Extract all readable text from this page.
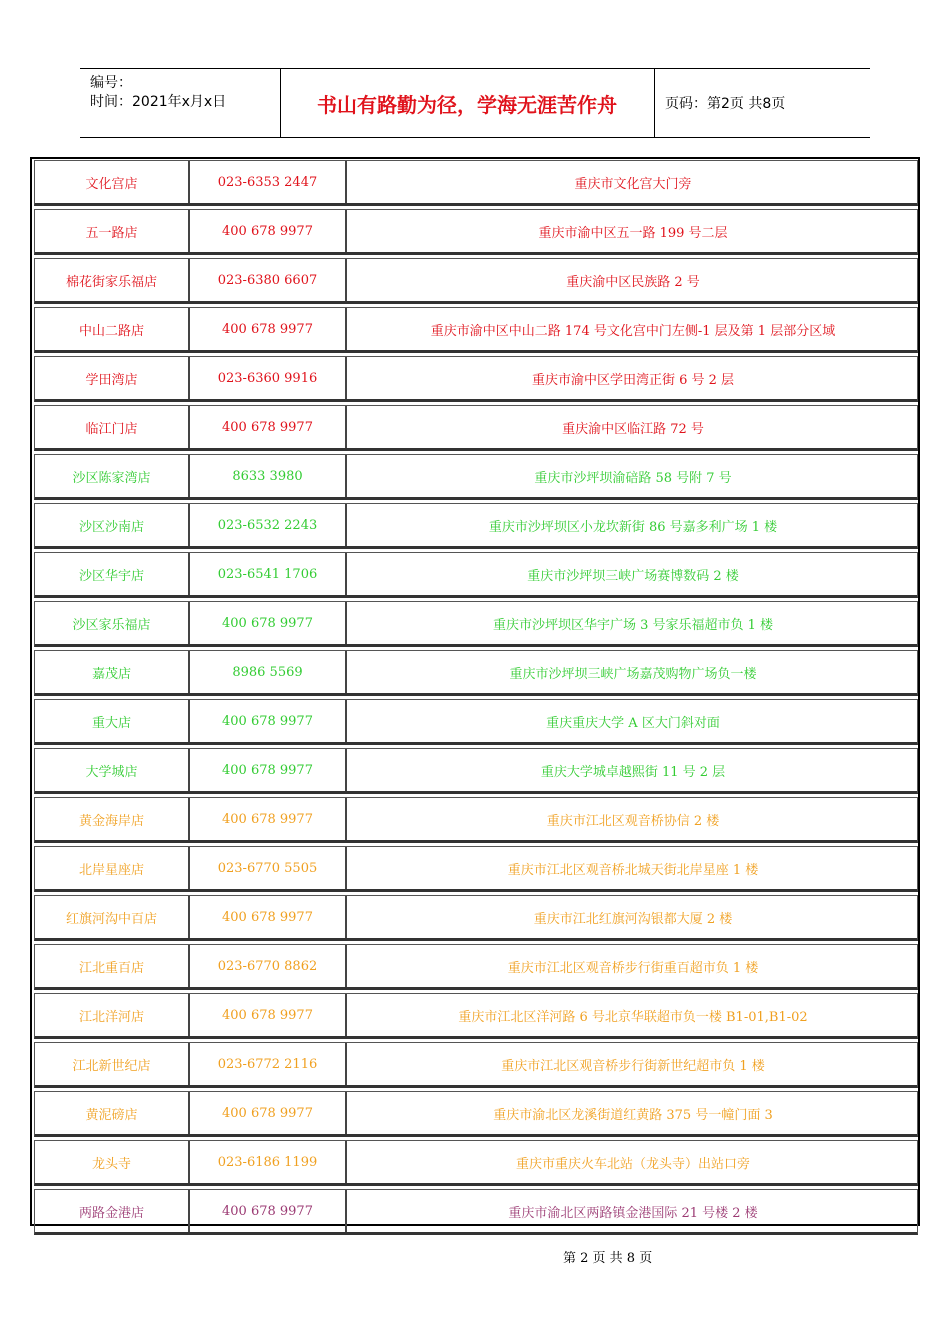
编号：
时间：2021年x月x日	书山有路勤为径，学海无涯苦作舟	页码：第2页 共8页
文化宫店	023-6353 2447	重庆市文化宫大门旁
五一路店	400 678 9977	重庆市渝中区五一路 199 号二层
棉花街家乐福店	023-6380 6607	重庆渝中区民族路 2 号
中山二路店	400 678 9977	重庆市渝中区中山二路 174 号文化宫中门左侧-1 层及第 1 层部分区域
学田湾店	023-6360 9916	重庆市渝中区学田湾正街 6 号 2 层
临江门店	400 678 9977	重庆渝中区临江路 72 号
沙区陈家湾店	8633 3980	重庆市沙坪坝渝碚路 58 号附 7 号
沙区沙南店	023-6532 2243	重庆市沙坪坝区小龙坎新街 86 号嘉多利广场 1 楼
沙区华宇店	023-6541 1706	重庆市沙坪坝三峡广场赛博数码 2 楼
沙区家乐福店	400 678 9977	重庆市沙坪坝区华宇广场 3 号家乐福超市负 1 楼
嘉茂店	8986 5569	重庆市沙坪坝三峡广场嘉茂购物广场负一楼
重大店	400 678 9977	重庆重庆大学 A 区大门斜对面
大学城店	400 678 9977	重庆大学城卓越熙街 11 号 2 层
黄金海岸店	400 678 9977	重庆市江北区观音桥协信 2 楼
北岸星座店	023-6770 5505	重庆市江北区观音桥北城天街北岸星座 1 楼
红旗河沟中百店	400 678 9977	重庆市江北红旗河沟银都大厦 2 楼
江北重百店	023-6770 8862	重庆市江北区观音桥步行街重百超市负 1 楼
江北洋河店	400 678 9977	重庆市江北区洋河路 6 号北京华联超市负一楼 B1-01,B1-02
江北新世纪店	023-6772 2116	重庆市江北区观音桥步行街新世纪超市负 1 楼
黄泥磅店	400 678 9977	重庆市渝北区龙溪街道红黄路 375 号一幢门面 3
龙头寺	023-6186 1199	重庆市重庆火车北站（龙头寺）出站口旁
两路金港店	400 678 9977	重庆市渝北区两路镇金港国际 21 号楼 2 楼
第 2 页 共 8 页
